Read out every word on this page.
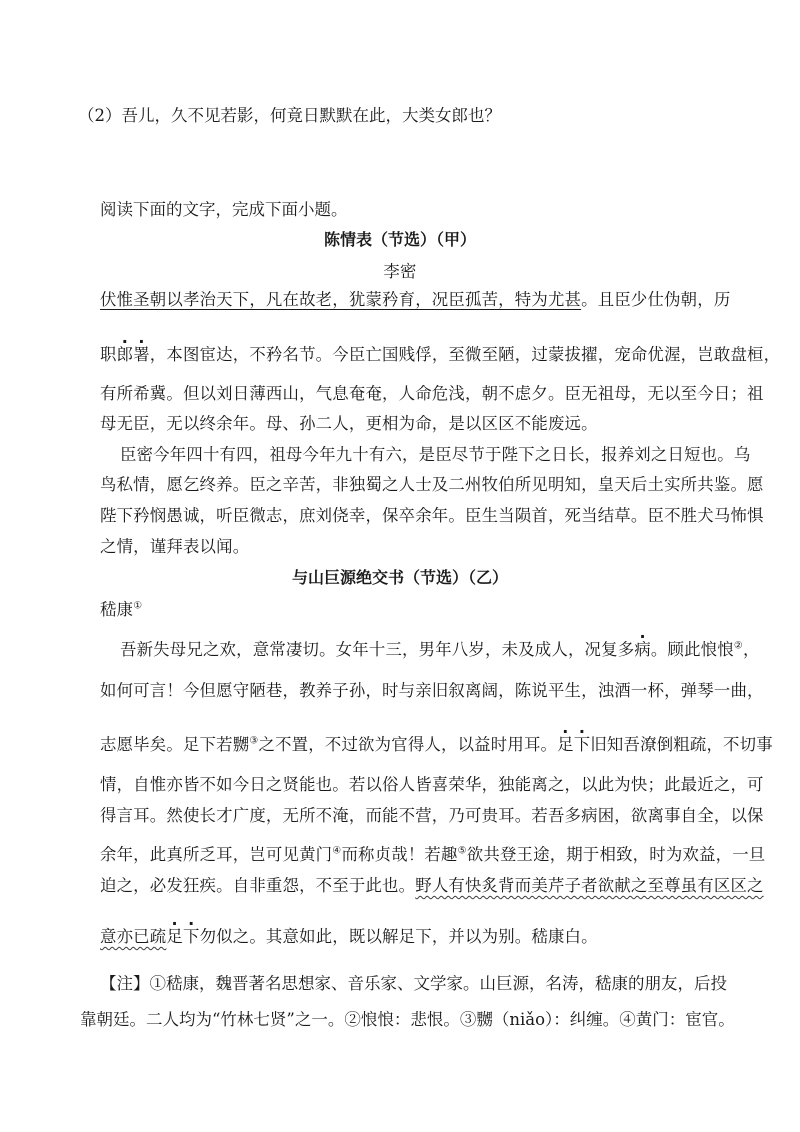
（2）吾儿，久不见若影，何竟日默默在此，大类女郎也？
阅读下面的文字，完成下面小题。
陈情表（节选）（甲）
李密
伏惟圣朝以孝治天下，凡在故老，犹蒙矜育，况臣孤苦，特为尤甚。且臣少仕伪朝，历
职郎署，本图宦达，不矜名节。今臣亡国贱俘，至微至陋，过蒙拔擢，宠命优渥，岂敢盘桓，
有所希冀。但以刘日薄西山，气息奄奄，人命危浅，朝不虑夕。臣无祖母，无以至今日；祖
母无臣，无以终余年。母、孙二人，更相为命，是以区区不能废远。
臣密今年四十有四，祖母今年九十有六，是臣尽节于陛下之日长，报养刘之日短也。乌
鸟私情，愿乞终养。臣之辛苦，非独蜀之人士及二州牧伯所见明知，皇天后土实所共鉴。愿
陛下矜悯愚诚，听臣微志，庶刘侥幸，保卒余年。臣生当陨首，死当结草。臣不胜犬马怖惧
之情，谨拜表以闻。
与山巨源绝交书（节选）（乙）
嵇康①
吾新失母兄之欢，意常凄切。女年十三，男年八岁，未及成人，况复多病。顾此悢悢②，
如何可言！今但愿守陋巷，教养子孙，时与亲旧叙离阔，陈说平生，浊酒一杯，弹琴一曲，
志愿毕矣。足下若嬲③之不置，不过欲为官得人，以益时用耳。足下旧知吾潦倒粗疏，不切事
情，自惟亦皆不如今日之贤能也。若以俗人皆喜荣华，独能离之，以此为快；此最近之，可
得言耳。然使长才广度，无所不淹，而能不营，乃可贵耳。若吾多病困，欲离事自全，以保
余年，此真所乏耳，岂可见黄门④而称贞哉！若趣⑤欲共登王途，期于相致，时为欢益，一旦
迫之，必发狂疾。自非重怨，不至于此也。野人有快炙背而美芹子者欲献之至尊虽有区区之
意亦已疏足下勿似之。其意如此，既以解足下，并以为别。嵇康白。
【注】①嵇康，魏晋著名思想家、音乐家、文学家。山巨源，名涛，嵇康的朋友，后投
靠朝廷。二人均为“竹林七贤”之一。②悢悢：悲恨。③嬲（niǎo）：纠缠。④黄门：宦官。
